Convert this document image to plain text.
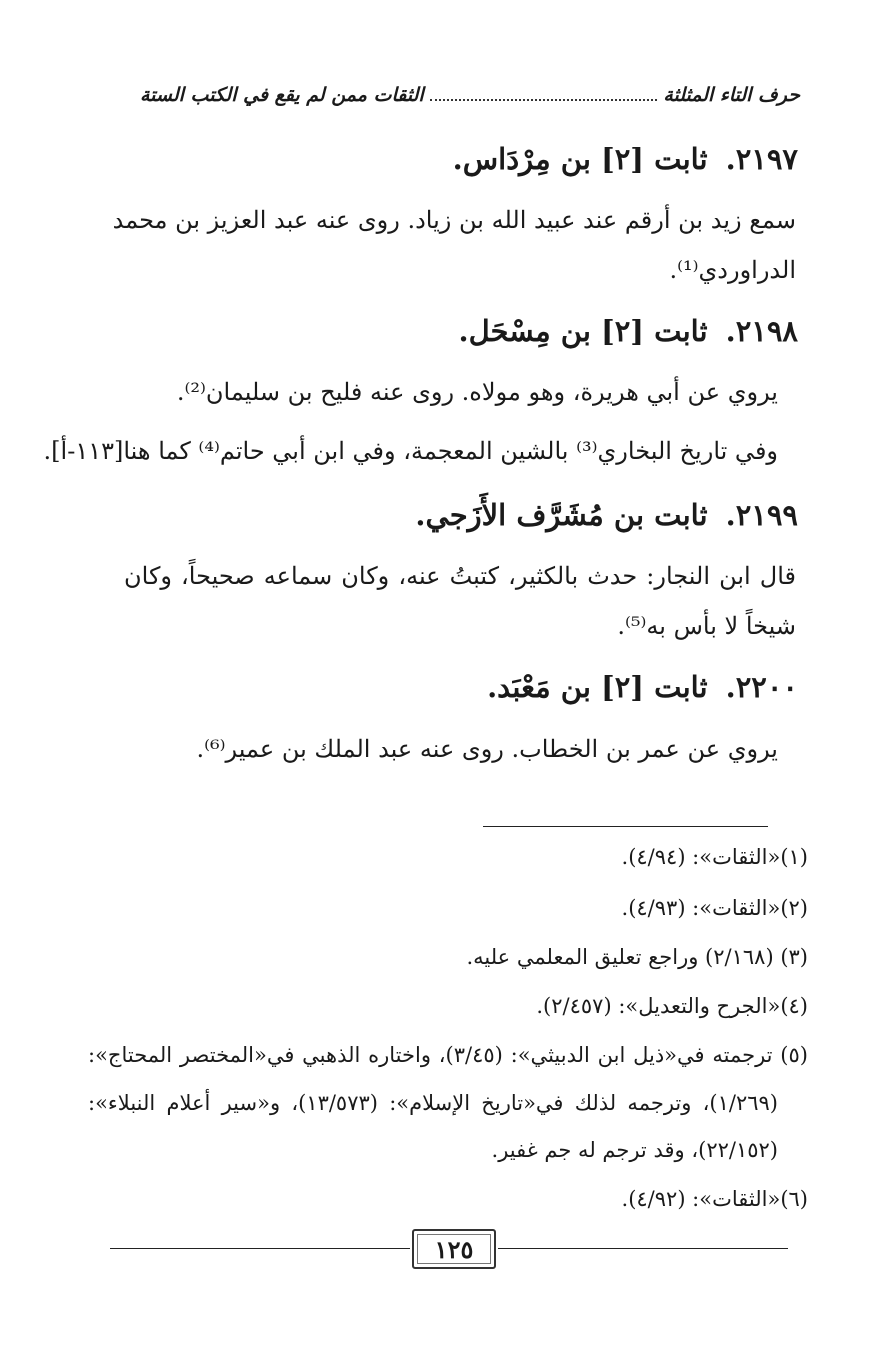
حرف التاء المثلثة
الثقات ممن لم يقع في الكتب الستة
٢١٩٧.ثابت [٢] بن مِرْدَاس.
سمع زيد بن أرقم عند عبيد الله بن زياد. روى عنه عبد العزيز بن محمد
الدراوردي⁽¹⁾.
٢١٩٨.ثابت [٢] بن مِسْحَل.
يروي عن أبي هريرة، وهو مولاه. روى عنه فليح بن سليمان⁽²⁾.
وفي تاريخ البخاري⁽³⁾ بالشين المعجمة، وفي ابن أبي حاتم⁽⁴⁾ كما هنا[١١٣-أ].
٢١٩٩.ثابت بن مُشَرَّف الأَزَجي.
قال ابن النجار: حدث بالكثير، كتبتُ عنه، وكان سماعه صحيحاً، وكان
شيخاً لا بأس به⁽⁵⁾.
٢٢٠٠.ثابت [٢] بن مَعْبَد.
يروي عن عمر بن الخطاب. روى عنه عبد الملك بن عمير⁽⁶⁾.
(١)«الثقات»: (٤/٩٤).
(٢)«الثقات»: (٤/٩٣).
(٣) (٢/١٦٨) وراجع تعليق المعلمي عليه.
(٤)«الجرح والتعديل»: (٢/٤٥٧).
(٥) ترجمته في«ذيل ابن الدبيثي»: (٣/٤٥)، واختاره الذهبي في«المختصر المحتاج»:
(١/٢٦٩)، وترجمه لذلك في«تاريخ الإسلام»: (١٣/٥٧٣)، و«سير أعلام النبلاء»:
(٢٢/١٥٢)، وقد ترجم له جم غفير.
(٦)«الثقات»: (٤/٩٢).
١٢٥
